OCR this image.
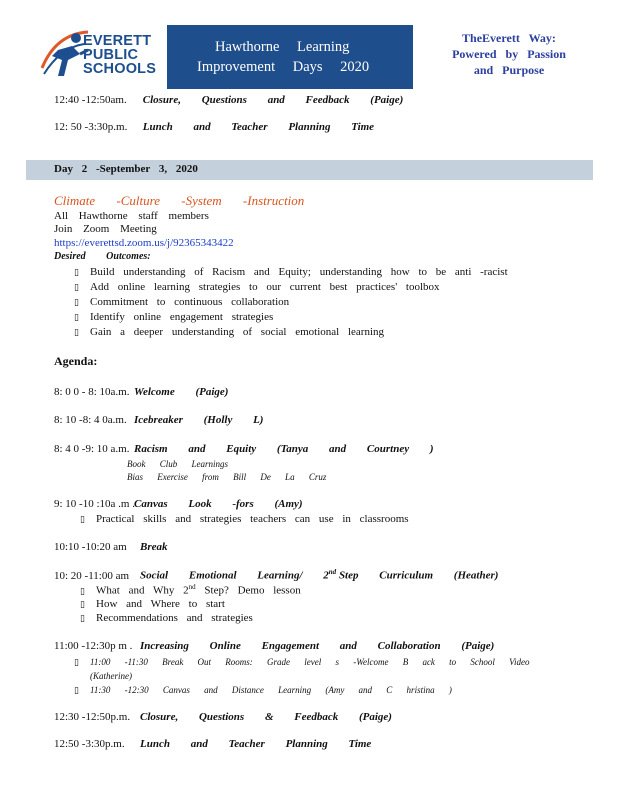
EVERETT
PUBLIC
SCHOOLS
Hawthorne Learning
Improvement Days 2020
TheEverett Way:
Powered by Passion
and Purpose
12:40 -12:50am. Closure, Questions and Feedback (Paige)
12: 50 -3:30p.m. Lunch and Teacher Planning Time
Day 2 -September 3, 2020
Climate -Culture -System -Instruction
All Hawthorne staff members
Join Zoom Meeting
https://everettsd.zoom.us/j/92365343422
Desired Outcomes:
▯ Build understanding of Racism and Equity; understanding how to be anti -racist
▯ Add online learning strategies to our current best practices' toolbox
▯ Commitment to continuous collaboration
▯ Identify online engagement strategies
▯ Gain a deeper understanding of social emotional learning
Agenda:
8: 0 0 - 8: 10a.m. Welcome (Paige)
8: 10 -8: 4 0a.m. Icebreaker (Holly L)
8: 4 0 -9: 10 a.m. Racism and Equity (Tanya and Courtney )
Book Club Learnings
Bias Exercise from Bill De La Cruz
9: 10 -10 :10a .m .Canvas Look -fors (Amy)
▯ Practical skills and strategies teachers can use in classrooms
10:10 -10:20 am Break
10: 20 -11:00 am Social Emotional Learning/ 2nd Step Curriculum (Heather)
▯ What and Why 2nd Step? Demo lesson
▯ How and Where to start
▯ Recommendations and strategies
11:00 -12:30p m . Increasing Online Engagement and Collaboration (Paige)
▯ 11:00 -11:30 Break Out Rooms: Grade level s -Welcome B ack to School Video
(Katherine)
▯ 11:30 -12:30 Canvas and Distance Learning (Amy and C hristina )
12:30 -12:50p.m. Closure, Questions & Feedback (Paige)
12:50 -3:30p.m. Lunch and Teacher Planning Time
